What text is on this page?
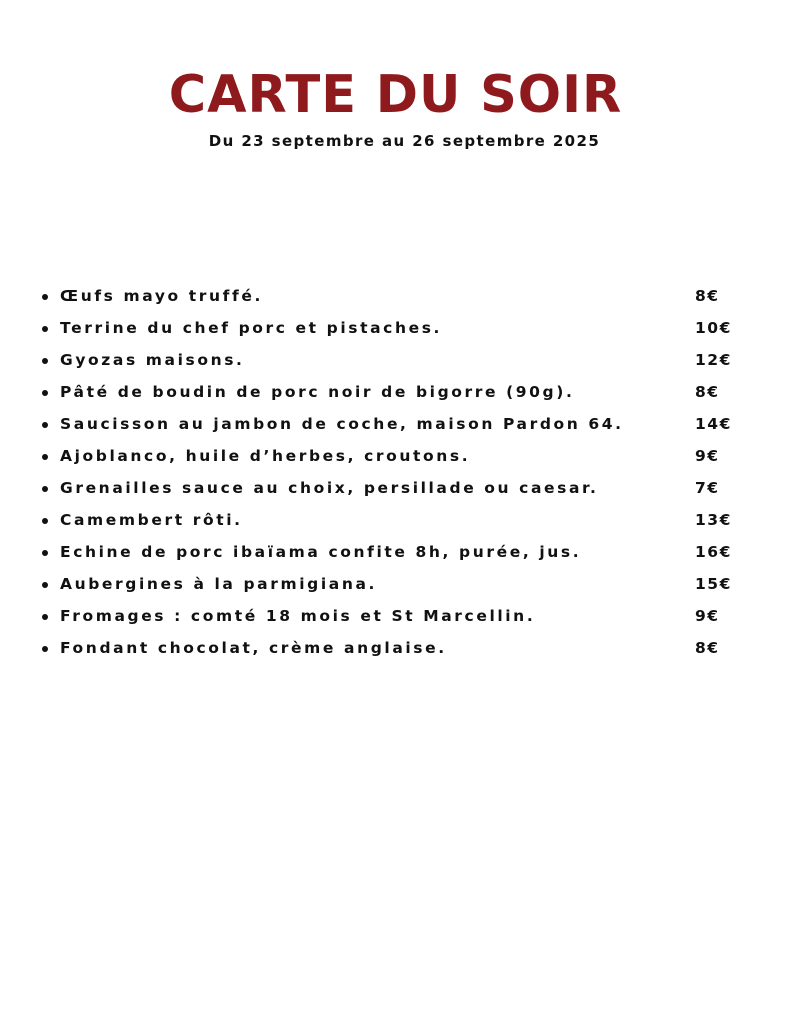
CARTE DU SOIR

Du 23 septembre au 26 septembre 2025

Œufs mayo truffé.	8€
Terrine du chef porc et pistaches.	10€
Gyozas maisons.	12€
Pâté de boudin de porc noir de bigorre (90g).	8€
Saucisson au jambon de coche, maison Pardon 64.	14€
Ajoblanco, huile d’herbes, croutons.	9€
Grenailles sauce au choix, persillade ou caesar.	7€
Camembert rôti.	13€
Echine de porc ibaïama confite 8h, purée, jus.	16€
Aubergines à la parmigiana.	15€
Fromages : comté 18 mois et St Marcellin.	9€
Fondant chocolat, crème anglaise.	8€
